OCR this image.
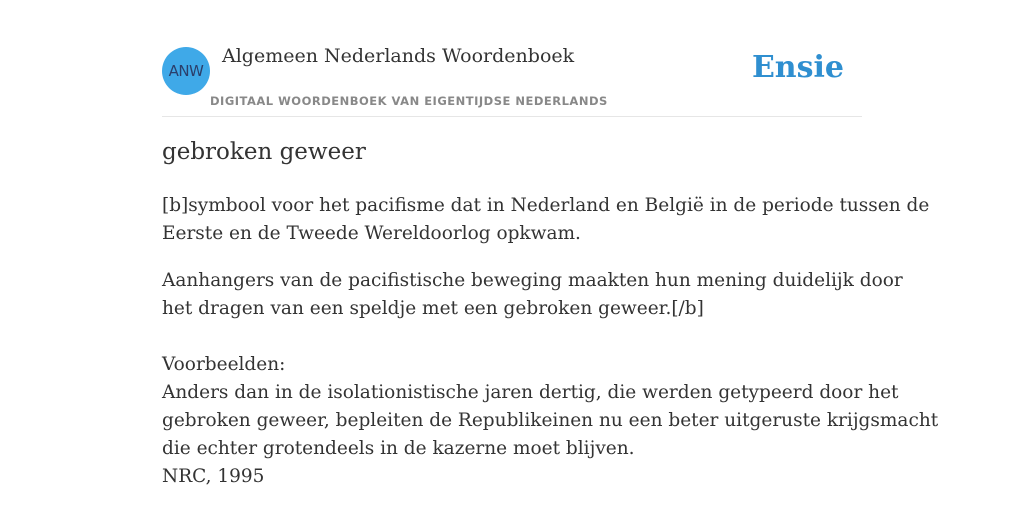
ANW
Algemeen Nederlands Woordenboek
DIGITAAL WOORDENBOEK VAN EIGENTIJDSE NEDERLANDS
Ensie
gebroken geweer
[b]symbool voor het pacifisme dat in Nederland en België in de periode tussen de
Eerste en de Tweede Wereldoorlog opkwam.
Aanhangers van de pacifistische beweging maakten hun mening duidelijk door
het dragen van een speldje met een gebroken geweer.[/b]
Voorbeelden:
Anders dan in de isolationistische jaren dertig, die werden getypeerd door het
gebroken geweer, bepleiten de Republikeinen nu een beter uitgeruste krijgsmacht
die echter grotendeels in de kazerne moet blijven.
NRC, 1995
